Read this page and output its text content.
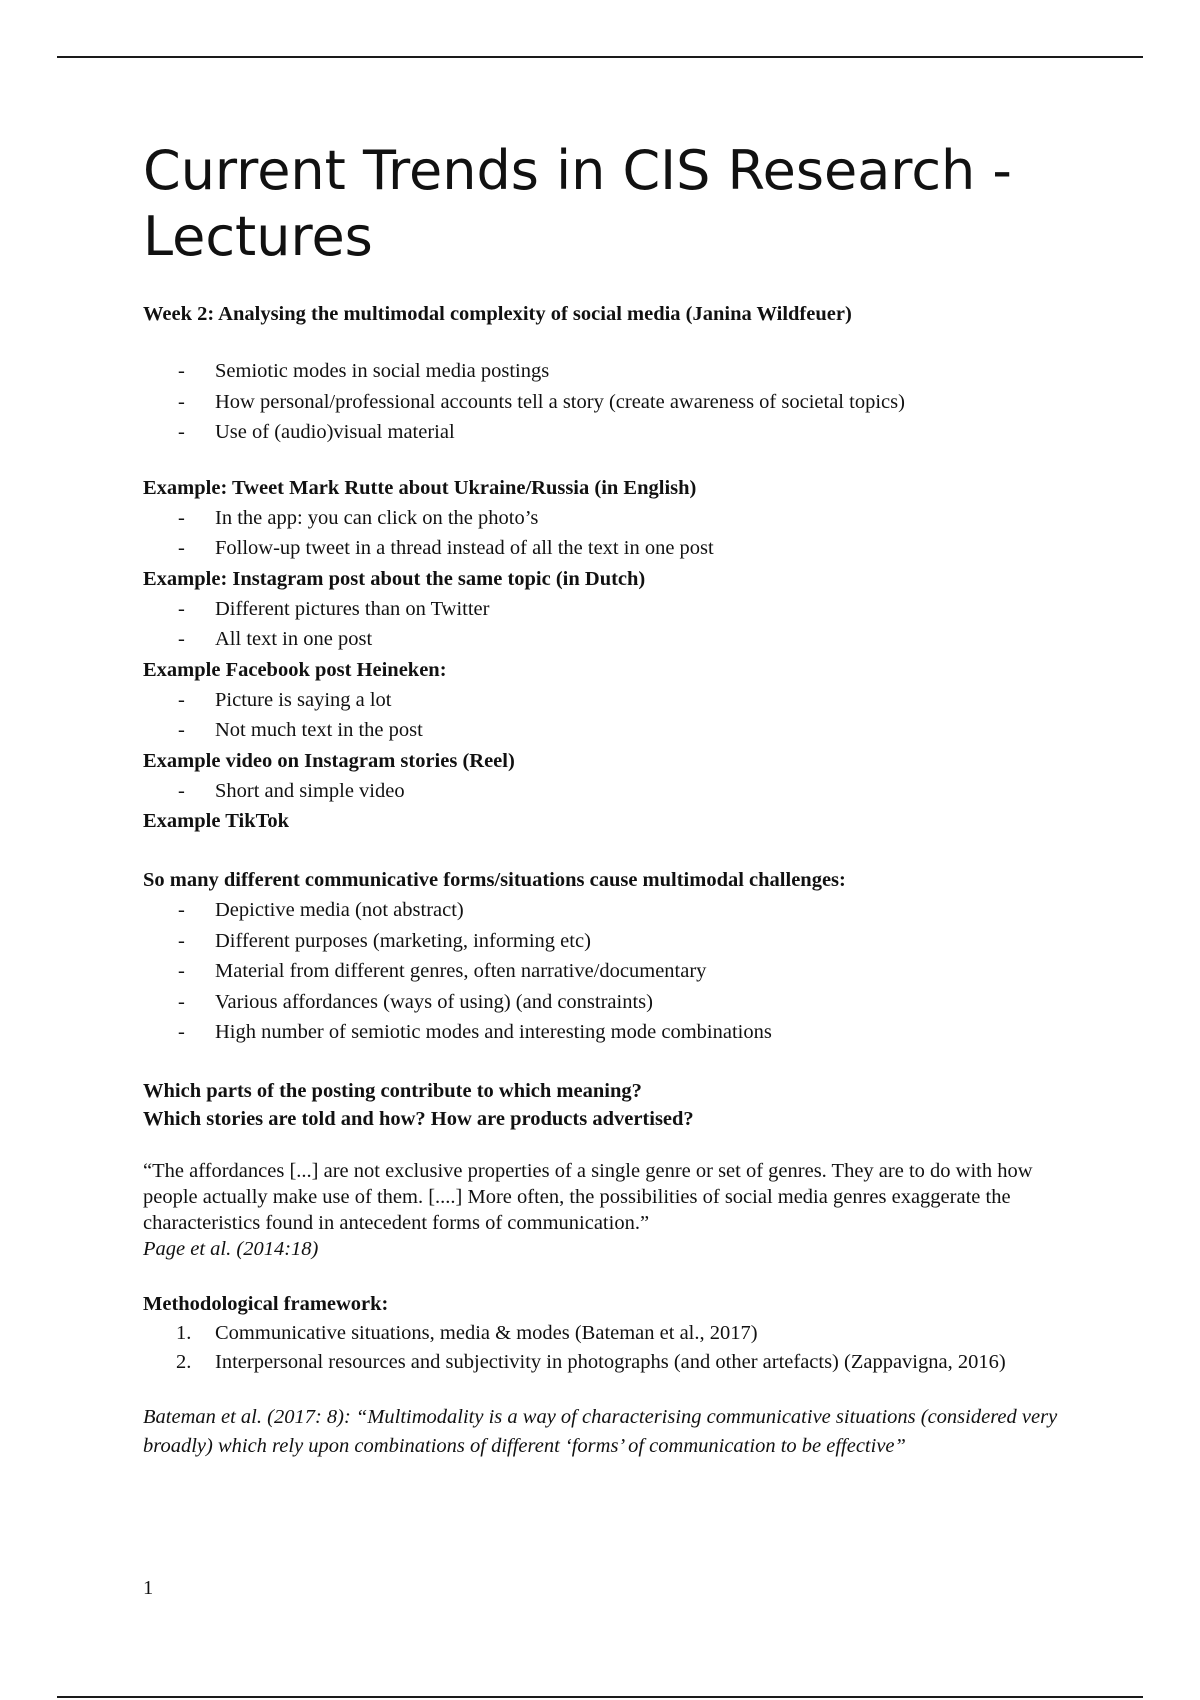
Current Trends in CIS Research - Lectures

Week 2: Analysing the multimodal complexity of social media (Janina Wildfeuer)

- Semiotic modes in social media postings
- How personal/professional accounts tell a story (create awareness of societal topics)
- Use of (audio)visual material

Example: Tweet Mark Rutte about Ukraine/Russia (in English)

- In the app: you can click on the photo’s
- Follow-up tweet in a thread instead of all the text in one post

Example: Instagram post about the same topic (in Dutch)

- Different pictures than on Twitter
- All text in one post

Example Facebook post Heineken:

- Picture is saying a lot
- Not much text in the post

Example video on Instagram stories (Reel)

- Short and simple video

Example TikTok

So many different communicative forms/situations cause multimodal challenges:

- Depictive media (not abstract)
- Different purposes (marketing, informing etc)
- Material from different genres, often narrative/documentary
- Various affordances (ways of using) (and constraints)
- High number of semiotic modes and interesting mode combinations

Which parts of the posting contribute to which meaning?

Which stories are told and how? How are products advertised?

“The affordances [...] are not exclusive properties of a single genre or set of genres. They are to do with how people actually make use of them. [....] More often, the possibilities of social media genres exaggerate the characteristics found in antecedent forms of communication.”

Page et al. (2014:18)

Methodological framework:

1. Communicative situations, media & modes (Bateman et al., 2017)
2. Interpersonal resources and subjectivity in photographs (and other artefacts) (Zappavigna, 2016)

Bateman et al. (2017: 8): “Multimodality is a way of characterising communicative situations (considered very broadly) which rely upon combinations of different ‘forms’ of communication to be effective”

1
